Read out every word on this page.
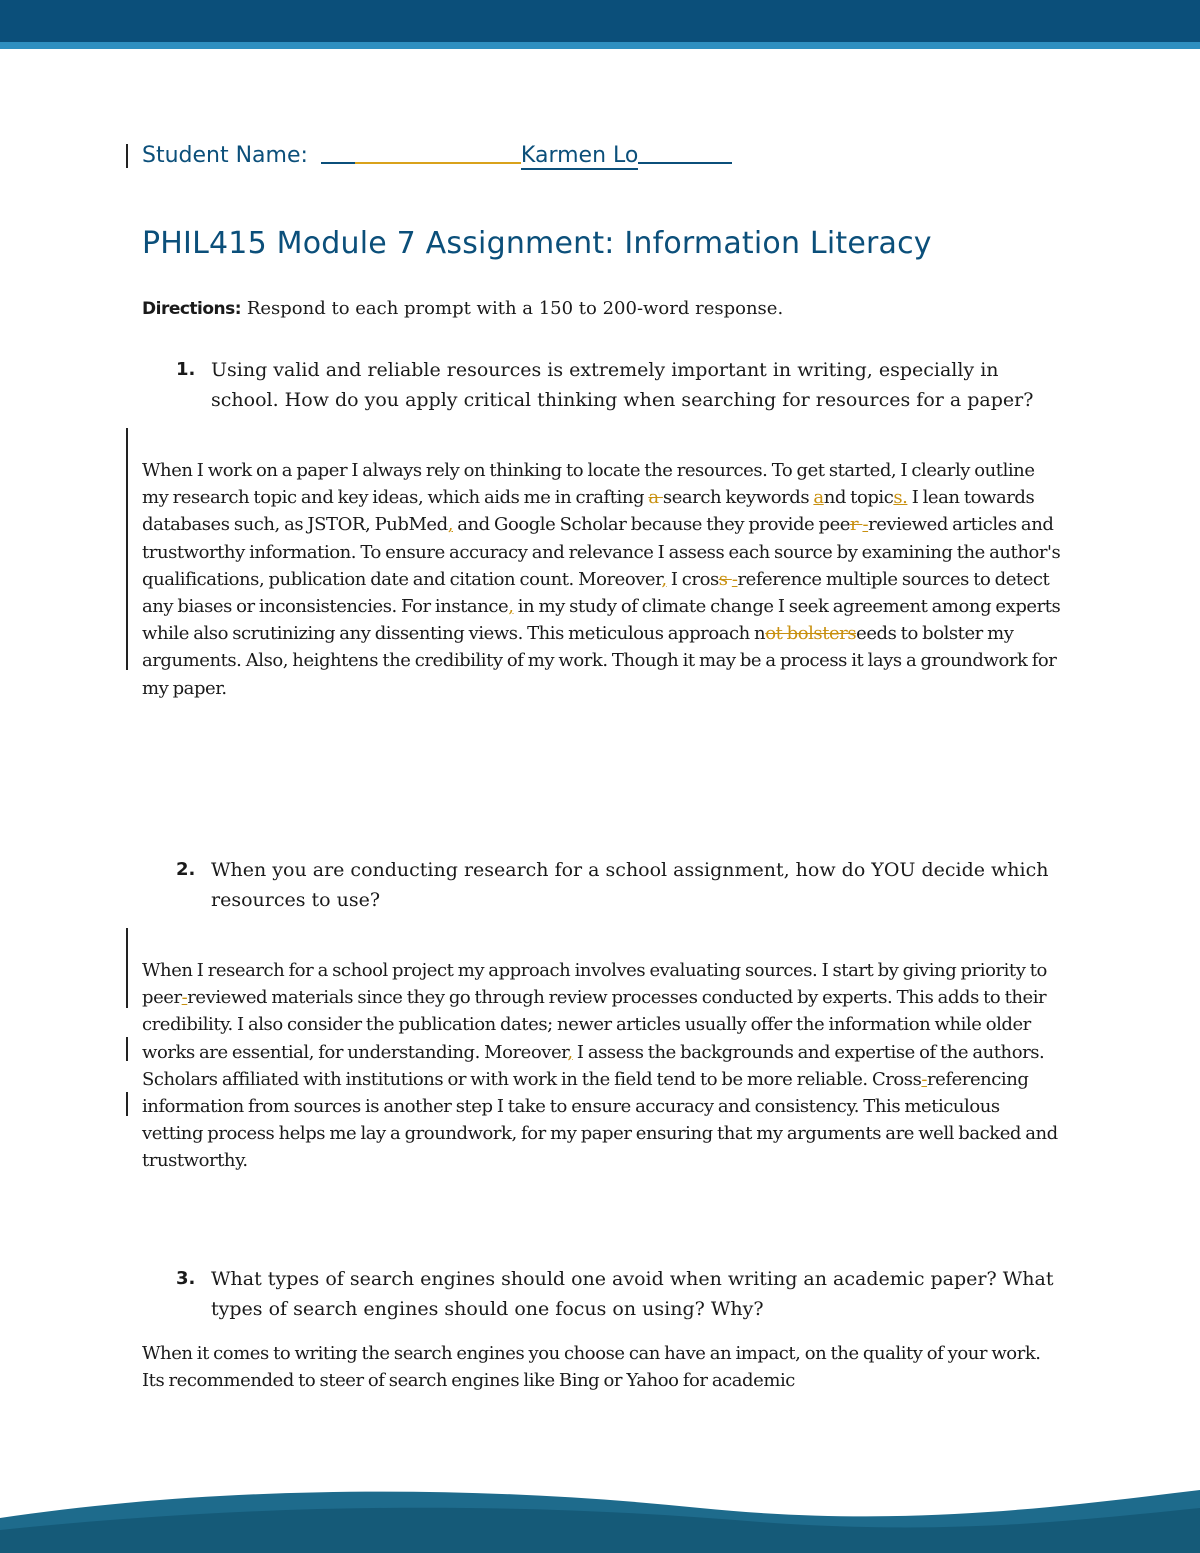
Student Name:	Karmen Lo
PHIL415 Module 7 Assignment: Information Literacy
Directions: Respond to each prompt with a 150 to 200-word response.
1. Using valid and reliable resources is extremely important in writing, especially in school. How do you apply critical thinking when searching for resources for a paper?
When I work on a paper I always rely on thinking to locate the resources. To get started, I clearly outline my research topic and key ideas, which aids me in crafting a search keywords and topics. I lean towards databases such, as JSTOR, PubMed, and Google Scholar because they provide peer -reviewed articles and trustworthy information. To ensure accuracy and relevance I assess each source by examining the author's qualifications, publication date and citation count. Moreover, I cross -reference multiple sources to detect any biases or inconsistencies. For instance, in my study of climate change I seek agreement among experts while also scrutinizing any dissenting views. This meticulous approach not bolsterseeds to bolster my arguments. Also, heightens the credibility of my work. Though it may be a process it lays a groundwork for my paper.
2. When you are conducting research for a school assignment, how do YOU decide which resources to use?
When I research for a school project my approach involves evaluating sources. I start by giving priority to peer-reviewed materials since they go through review processes conducted by experts. This adds to their credibility. I also consider the publication dates; newer articles usually offer the information while older works are essential, for understanding. Moreover, I assess the backgrounds and expertise of the authors. Scholars affiliated with institutions or with work in the field tend to be more reliable. Cross-referencing information from sources is another step I take to ensure accuracy and consistency. This meticulous vetting process helps me lay a groundwork, for my paper ensuring that my arguments are well backed and trustworthy.
3. What types of search engines should one avoid when writing an academic paper? What types of search engines should one focus on using? Why?
When it comes to writing the search engines you choose can have an impact, on the quality of your work. Its recommended to steer of search engines like Bing or Yahoo for academic
